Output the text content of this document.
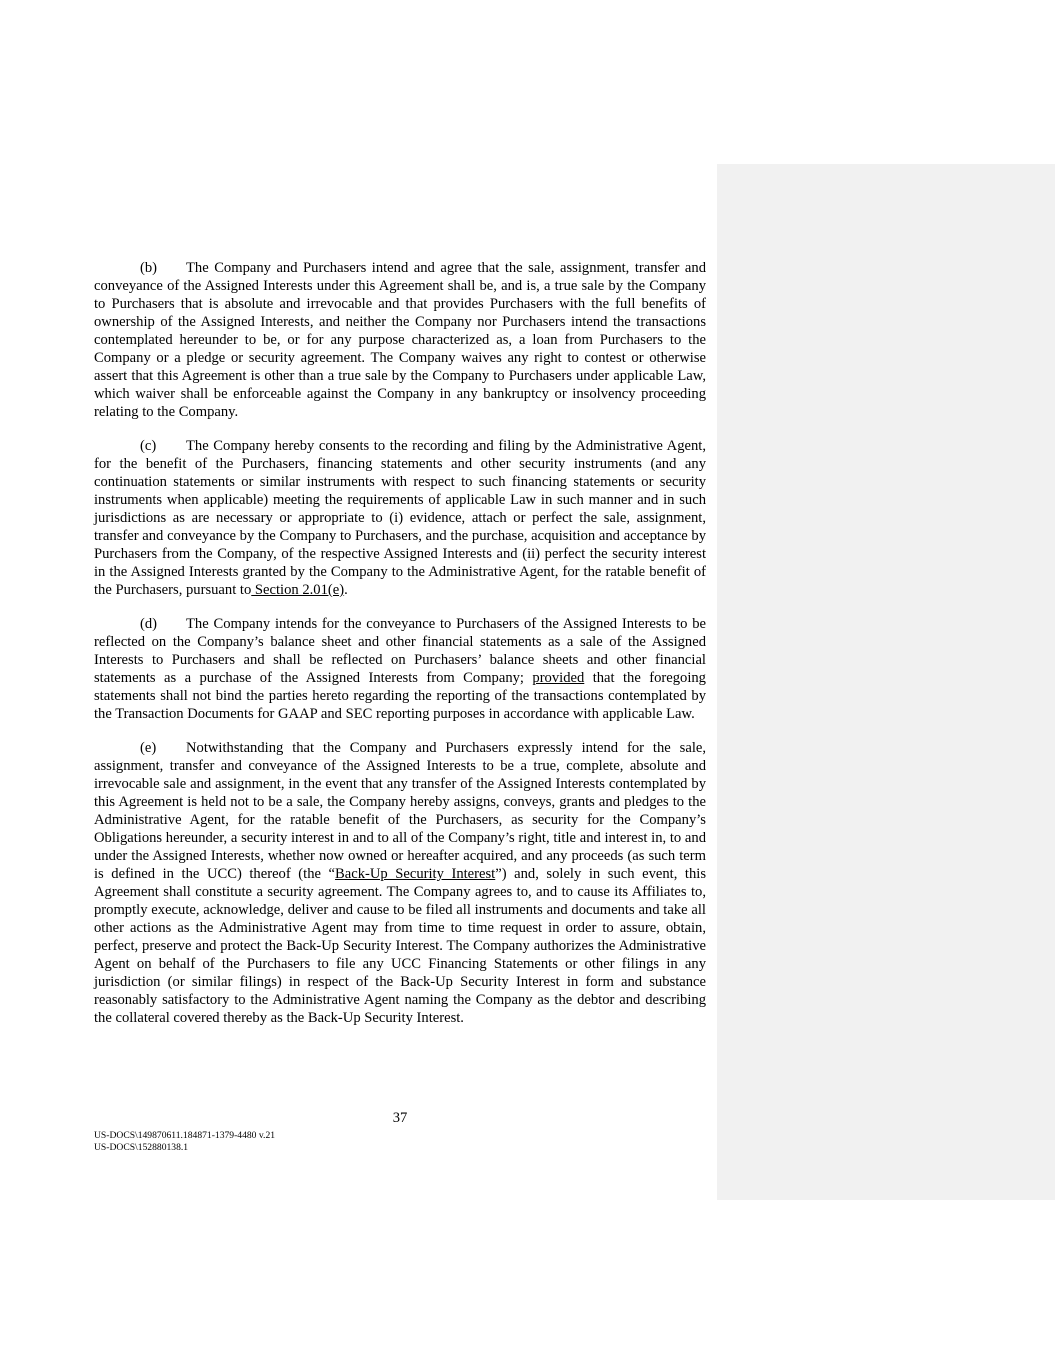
(b) The Company and Purchasers intend and agree that the sale, assignment, transfer and conveyance of the Assigned Interests under this Agreement shall be, and is, a true sale by the Company to Purchasers that is absolute and irrevocable and that provides Purchasers with the full benefits of ownership of the Assigned Interests, and neither the Company nor Purchasers intend the transactions contemplated hereunder to be, or for any purpose characterized as, a loan from Purchasers to the Company or a pledge or security agreement. The Company waives any right to contest or otherwise assert that this Agreement is other than a true sale by the Company to Purchasers under applicable Law, which waiver shall be enforceable against the Company in any bankruptcy or insolvency proceeding relating to the Company.

(c) The Company hereby consents to the recording and filing by the Administrative Agent, for the benefit of the Purchasers, financing statements and other security instruments (and any continuation statements or similar instruments with respect to such financing statements or security instruments when applicable) meeting the requirements of applicable Law in such manner and in such jurisdictions as are necessary or appropriate to (i) evidence, attach or perfect the sale, assignment, transfer and conveyance by the Company to Purchasers, and the purchase, acquisition and acceptance by Purchasers from the Company, of the respective Assigned Interests and (ii) perfect the security interest in the Assigned Interests granted by the Company to the Administrative Agent, for the ratable benefit of the Purchasers, pursuant to Section 2.01(e).

(d) The Company intends for the conveyance to Purchasers of the Assigned Interests to be reflected on the Company’s balance sheet and other financial statements as a sale of the Assigned Interests to Purchasers and shall be reflected on Purchasers’ balance sheets and other financial statements as a purchase of the Assigned Interests from Company; provided that the foregoing statements shall not bind the parties hereto regarding the reporting of the transactions contemplated by the Transaction Documents for GAAP and SEC reporting purposes in accordance with applicable Law.

(e) Notwithstanding that the Company and Purchasers expressly intend for the sale, assignment, transfer and conveyance of the Assigned Interests to be a true, complete, absolute and irrevocable sale and assignment, in the event that any transfer of the Assigned Interests contemplated by this Agreement is held not to be a sale, the Company hereby assigns, conveys, grants and pledges to the Administrative Agent, for the ratable benefit of the Purchasers, as security for the Company’s Obligations hereunder, a security interest in and to all of the Company’s right, title and interest in, to and under the Assigned Interests, whether now owned or hereafter acquired, and any proceeds (as such term is defined in the UCC) thereof (the “Back-Up Security Interest”) and, solely in such event, this Agreement shall constitute a security agreement. The Company agrees to, and to cause its Affiliates to, promptly execute, acknowledge, deliver and cause to be filed all instruments and documents and take all other actions as the Administrative Agent may from time to time request in order to assure, obtain, perfect, preserve and protect the Back-Up Security Interest. The Company authorizes the Administrative Agent on behalf of the Purchasers to file any UCC Financing Statements or other filings in any jurisdiction (or similar filings) in respect of the Back-Up Security Interest in form and substance reasonably satisfactory to the Administrative Agent naming the Company as the debtor and describing the collateral covered thereby as the Back-Up Security Interest.

37
US-DOCS\149870611.184871-1379-4480 v.21
US-DOCS\152880138.1
